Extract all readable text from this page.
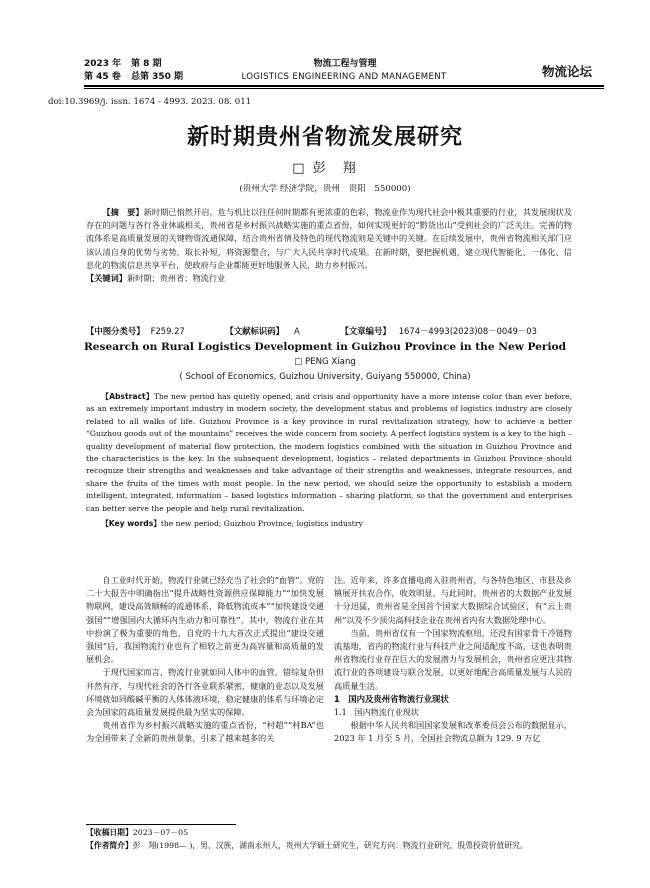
2023 年 第 8 期
第 45 卷 总第 350 期
物流工程与管理
LOGISTICS ENGINEERING AND MANAGEMENT	物流论坛
doi:10.3969/j. issn. 1674 - 4993. 2023. 08. 011
新时期贵州省物流发展研究
□ 彭　翔
(贵州大学 经济学院，贵州　贵阳　550000)

【摘　要】新时期已悄然开启，危与机比以往任何时期都有更浓重的色彩，物流业作为现代社会中极其重要的行业，其发展现状及存在的问题与各行各业休戚相关，贵州省是乡村振兴战略实施的重点省份，如何实现更好的“黔货出山”受到社会的广泛关注。完善的物流体系是高质量发展的关键物资流通保障，结合贵州省情及特色的现代物流则是关键中的关键。在后续发展中，贵州省物流相关部门应该认清自身的优势与劣势，取长补短，将资源整合，与广大人民共享时代成果。在新时期，要把握机遇，建立现代智能化、一体化、信息化的物流信息共享平台，使政府与企业都能更好地服务人民，助力乡村振兴。

【关键词】新时期；贵州省；物流行业

【中图分类号】 F259.27	【文献标识码】 A	【文章编号】 1674－4993(2023)08－0049－03
Research on Rural Logistics Development in Guizhou Province in the New Period
□ PENG Xiang
( School of Economics, Guizhou University, Guiyang 550000, China)

【Abstract】The new period has quietly opened, and crisis and opportunity have a more intense color than ever before, as an extremely important industry in modern society, the development status and problems of logistics industry are closely related to all walks of life. Guizhou Province is a key province in rural revitalization strategy, how to achieve a better “Guizhou goods out of the mountains” receives the wide concern from society. A perfect logistics system is a key to the high – quality development of material flow protection, the modern logistics combined with the situation in Guizhou Province and the characteristics is the key. In the subsequent development, logistics – related departments in Guizhou Province should recognize their strengths and weaknesses and take advantage of their strengths and weaknesses, integrate resources, and share the fruits of the times with most people. In the new period, we should seize the opportunity to establish a modern intelligent, integrated, information – based logistics information – sharing platform, so that the government and enterprises can better serve the people and help rural revitalization.

【Key words】the new period; Guizhou Province; logistics industry

自工业时代开始，物流行业就已经充当了社会的“血管”。党的二十大报告中明确指出“提升战略性资源供应保障能力”“加快发展物联网，建设高效顺畅的流通体系，降低物流成本”“加快建设交通强国”“增强国内大循环内生动力和可靠性”。其中，物流行业在其中扮演了极为重要的角色，自党的十九大首次正式提出“建设交通强国”后，我国物流行业也有了相较之前更为高容量和高质量的发展机会。

于现代国家而言，物流行业就如同人体中的血管，错综复杂但井然有序，与现代社会的各行各业联系紧密，健康的业态以及发展环境就如同酸碱平衡的人体体液环境，稳定健康的体系与环境必定会为国家的高质量发展提供最为坚实的保障。

贵州省作为乡村振兴战略实施的重点省份，“村超”“村BA”也为全国带来了全新的贵州景象，引来了越来越多的关

注。近年来，许多直播电商入驻贵州省，与各特色地区、市县及乡镇展开扶农合作，收效明显。与此同时，贵州省的大数据产业发展十分迅猛，贵州省是全国首个国家大数据综合试验区，有“云上贵州”以及不少顶尖高科技企业在贵州省内有大数据处理中心。

当前，贵州省仅有一个国家物流枢纽，还没有国家骨干冷链物流基地，省内的物流行业与科技产业之间适配度不高，这也表明贵州省物流行业存在巨大的发展潜力与发展机会，贵州省应更注其物流行业的各项建设与联合发展，以更好地配合高质量发展与人民的高质量生活。

1　国内及贵州省物流行业现状

1.1　国内物流行业现状

根据中华人民共和国国家发展和改革委员会公布的数据显示，2023 年 1 月至 5 月，全国社会物流总额为 129. 9 万亿

【收稿日期】2023－07－05
【作者简介】彭　翔(1998— )，男，汉族，湖南永州人，贵州大学硕士研究生，研究方向：物流行业研究，股票投资价值研究。
